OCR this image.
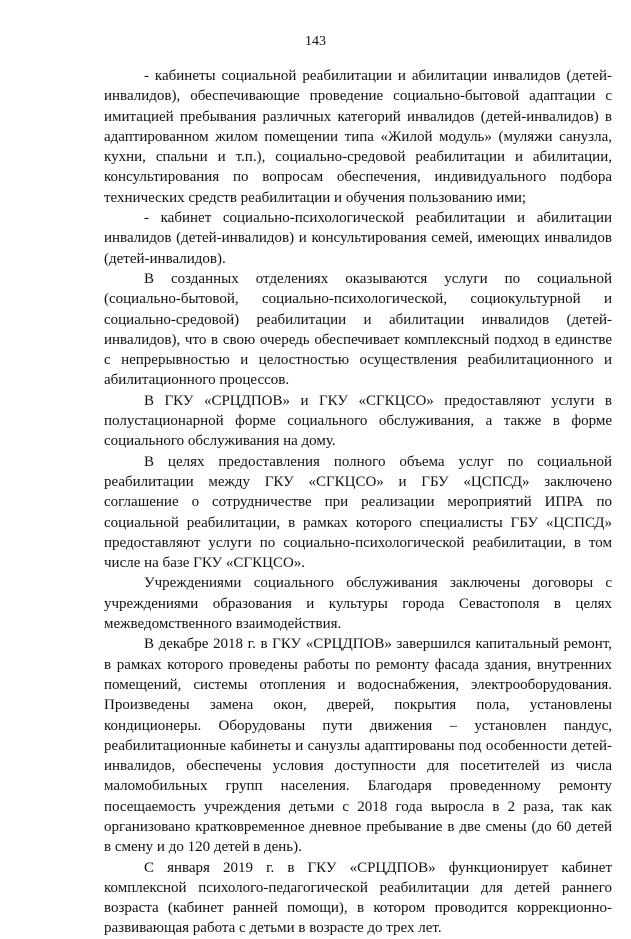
143

- кабинеты социальной реабилитации и абилитации инвалидов (детей-инвалидов), обеспечивающие проведение социально-бытовой адаптации с имитацией пребывания различных категорий инвалидов (детей-инвалидов) в адаптированном жилом помещении типа «Жилой модуль» (муляжи санузла, кухни, спальни и т.п.), социально-средовой реабилитации и абилитации, консультирования по вопросам обеспечения, индивидуального подбора технических средств реабилитации и обучения пользованию ими;

- кабинет социально-психологической реабилитации и абилитации инвалидов (детей-инвалидов) и консультирования семей, имеющих инвалидов (детей-инвалидов).

В созданных отделениях оказываются услуги по социальной (социально-бытовой, социально-психологической, социокультурной и социально-средовой) реабилитации и абилитации инвалидов (детей-инвалидов), что в свою очередь обеспечивает комплексный подход в единстве с непрерывностью и целостностью осуществления реабилитационного и абилитационного процессов.

В ГКУ «СРЦДПОВ» и ГКУ «СГКЦСО» предоставляют услуги в полустационарной форме социального обслуживания, а также в форме социального обслуживания на дому.

В целях предоставления полного объема услуг по социальной реабилитации между ГКУ «СГКЦСО» и ГБУ «ЦСПСД» заключено соглашение о сотрудничестве при реализации мероприятий ИПРА по социальной реабилитации, в рамках которого специалисты ГБУ «ЦСПСД» предоставляют услуги по социально-психологической реабилитации, в том числе на базе ГКУ «СГКЦСО».

Учреждениями социального обслуживания заключены договоры с учреждениями образования и культуры города Севастополя в целях межведомственного взаимодействия.

В декабре 2018 г. в ГКУ «СРЦДПОВ» завершился капитальный ремонт, в рамках которого проведены работы по ремонту фасада здания, внутренних помещений, системы отопления и водоснабжения, электрооборудования. Произведены замена окон, дверей, покрытия пола, установлены кондиционеры. Оборудованы пути движения – установлен пандус, реабилитационные кабинеты и санузлы адаптированы под особенности детей-инвалидов, обеспечены условия доступности для посетителей из числа маломобильных групп населения. Благодаря проведенному ремонту посещаемость учреждения детьми с 2018 года выросла в 2 раза, так как организовано кратковременное дневное пребывание в две смены (до 60 детей в смену и до 120 детей в день).

С января 2019 г. в ГКУ «СРЦДПОВ» функционирует кабинет комплексной психолого-педагогической реабилитации для детей раннего возраста (кабинет ранней помощи), в котором проводится коррекционно-развивающая работа с детьми в возрасте до трех лет.
